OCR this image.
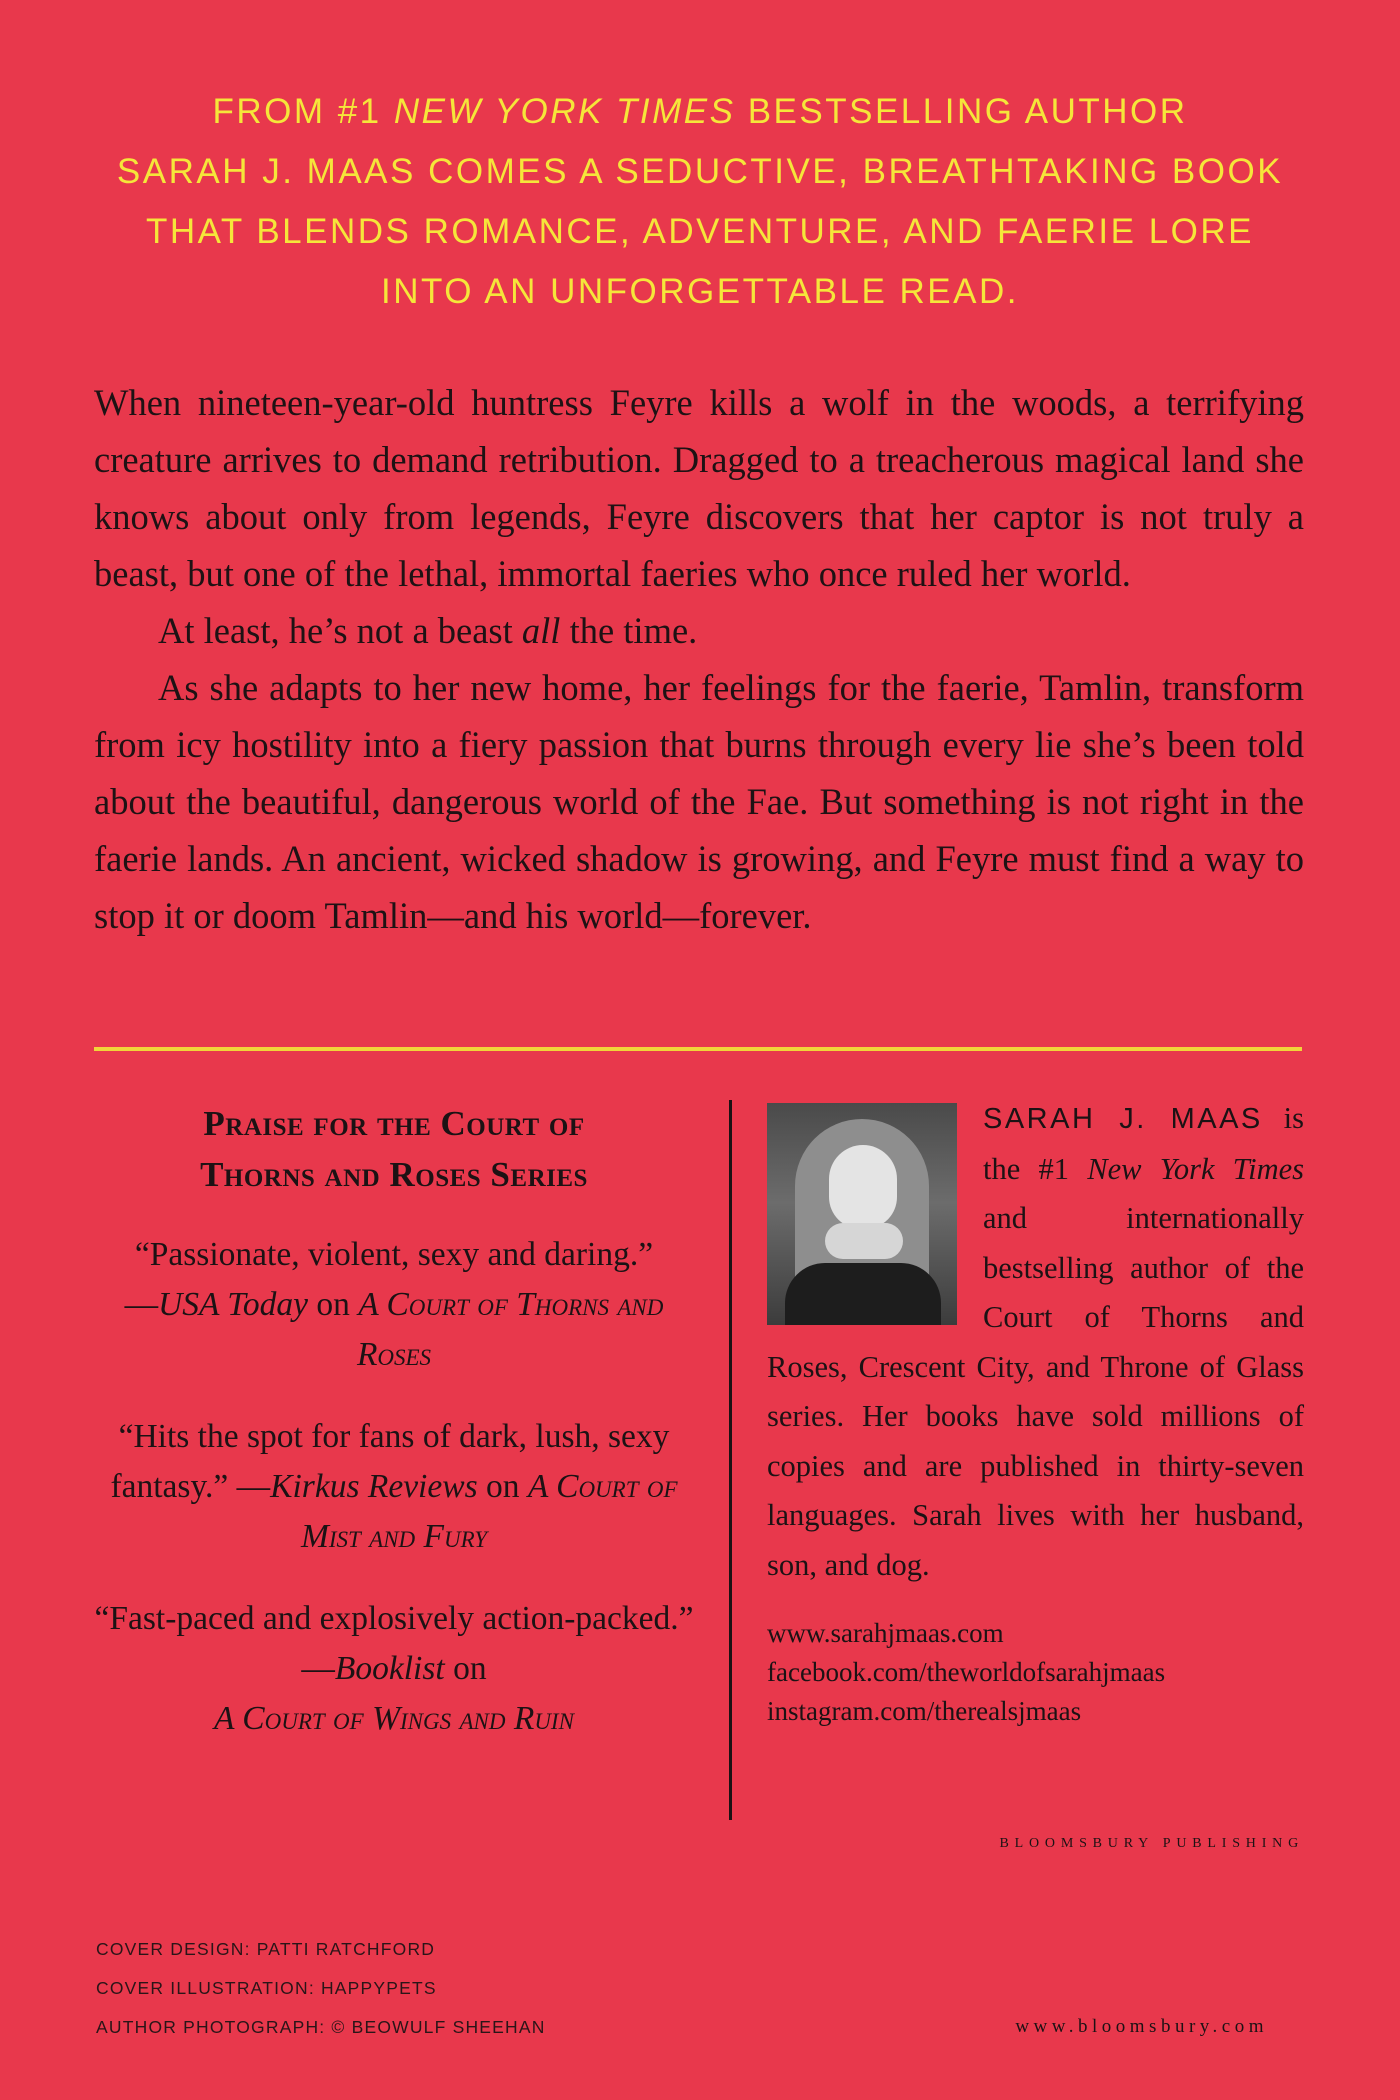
FROM #1 NEW YORK TIMES BESTSELLING AUTHOR
SARAH J. MAAS COMES A SEDUCTIVE, BREATHTAKING BOOK
THAT BLENDS ROMANCE, ADVENTURE, AND FAERIE LORE
INTO AN UNFORGETTABLE READ.

When nineteen-year-old huntress Feyre kills a wolf in the woods, a terrifying creature arrives to demand retribution. Dragged to a treacherous magical land she knows about only from legends, Feyre discovers that her captor is not truly a beast, but one of the lethal, immortal faeries who once ruled her world.

At least, he’s not a beast all the time.

As she adapts to her new home, her feelings for the faerie, Tamlin, transform from icy hostility into a fiery passion that burns through every lie she’s been told about the beautiful, dangerous world of the Fae. But something is not right in the faerie lands. An ancient, wicked shadow is growing, and Feyre must find a way to stop it or doom Tamlin—and his world—forever.

Praise for the Court of
Thorns and Roses Series
“Passionate, violent, sexy and daring.”
—USA Today on A Court of Thorns and Roses
“Hits the spot for fans of dark, lush, sexy fantasy.” —Kirkus Reviews on A Court of Mist and Fury
“Fast-paced and explosively action-packed.” —Booklist on
A Court of Wings and Ruin

SARAH J. MAAS
is the #1 New York Times and internationally bestselling author of the Court of Thorns and Roses, Crescent City, and Throne of Glass series. Her books have sold millions of copies and are published in thirty-seven languages. Sarah lives with her husband, son, and dog.

www.sarahjmaas.com
facebook.com/theworldofsarahjmaas
instagram.com/therealsjmaas
BLOOMSBURY PUBLISHING
COVER DESIGN: PATTI RATCHFORD
COVER ILLUSTRATION: HAPPYPETS
AUTHOR PHOTOGRAPH: © BEOWULF SHEEHAN	www.bloomsbury.com
